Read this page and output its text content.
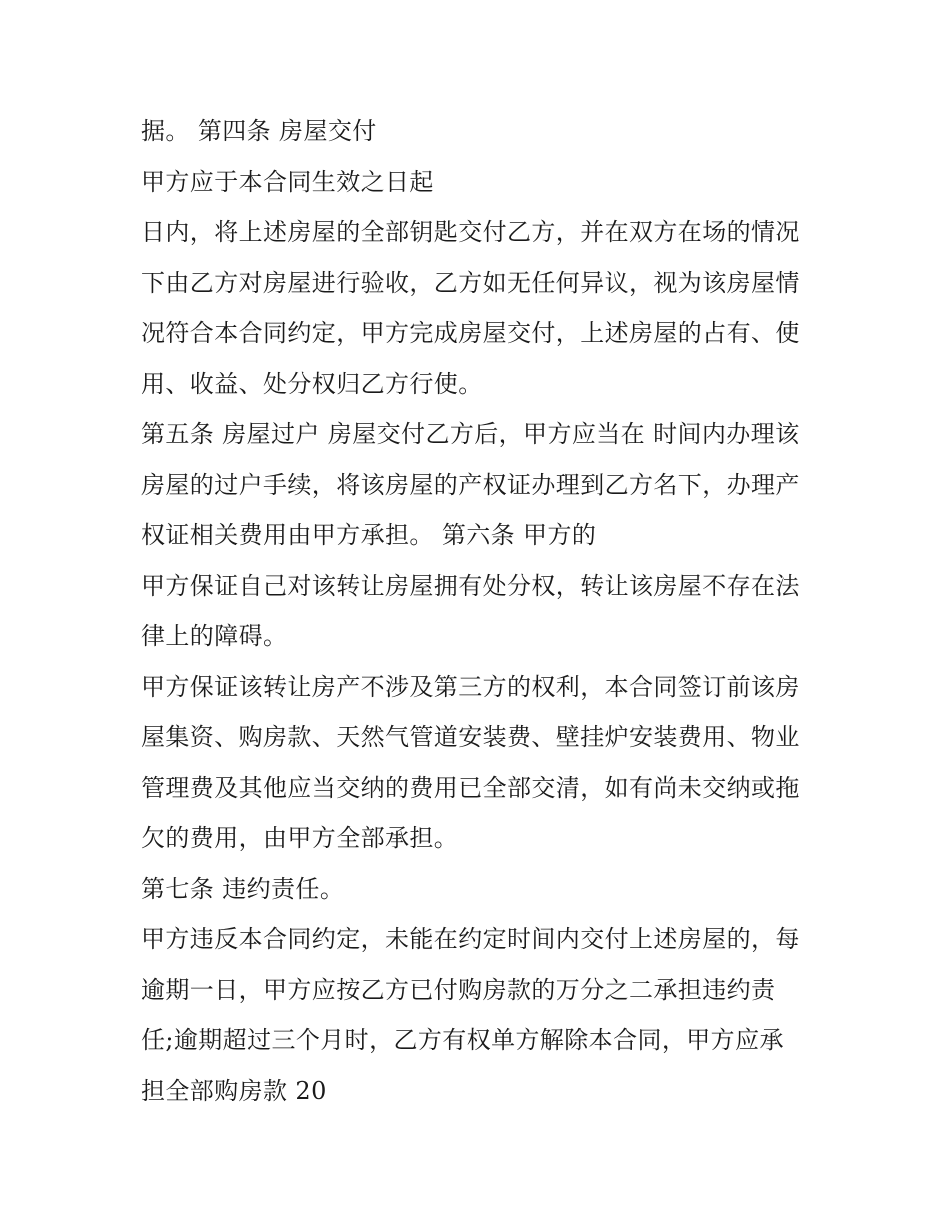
据。 第四条 房屋交付
甲方应于本合同生效之日起
日内，将上述房屋的全部钥匙交付乙方，并在双方在场的情况
下由乙方对房屋进行验收，乙方如无任何异议，视为该房屋情
况符合本合同约定，甲方完成房屋交付，上述房屋的占有、使
用、收益、处分权归乙方行使。
第五条 房屋过户 房屋交付乙方后，甲方应当在 时间内办理该
房屋的过户手续，将该房屋的产权证办理到乙方名下，办理产
权证相关费用由甲方承担。 第六条 甲方的
甲方保证自己对该转让房屋拥有处分权，转让该房屋不存在法
律上的障碍。
甲方保证该转让房产不涉及第三方的权利，本合同签订前该房
屋集资、购房款、天然气管道安装费、壁挂炉安装费用、物业
管理费及其他应当交纳的费用已全部交清，如有尚未交纳或拖
欠的费用，由甲方全部承担。
第七条 违约责任。
甲方违反本合同约定，未能在约定时间内交付上述房屋的，每
逾期一日，甲方应按乙方已付购房款的万分之二承担违约责
任;逾期超过三个月时，乙方有权单方解除本合同，甲方应承
担全部购房款 20
